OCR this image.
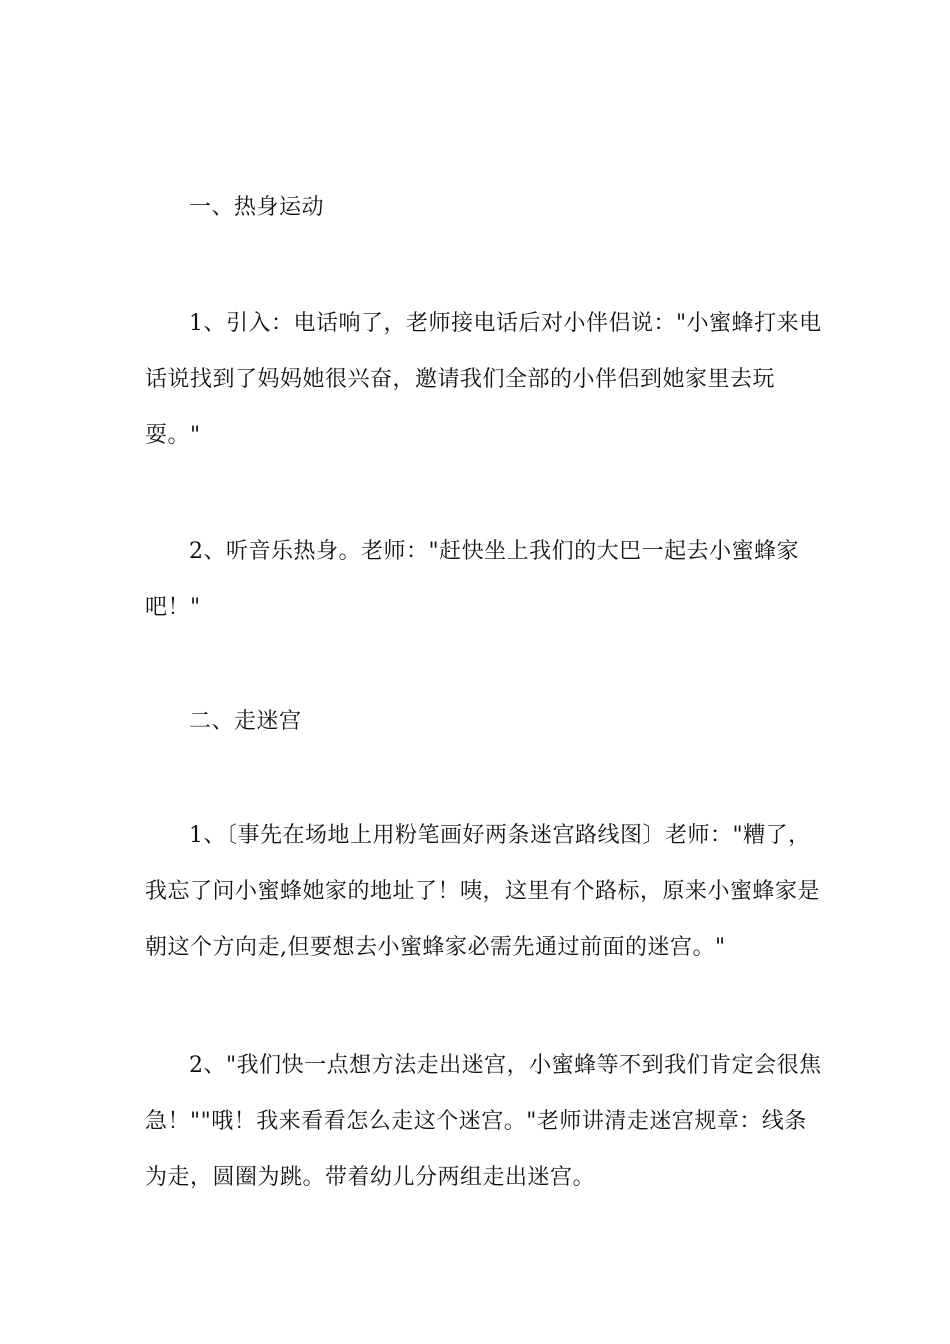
一、热身运动

1、引入：电话响了，老师接电话后对小伴侣说："小蜜蜂打来电话说找到了妈妈她很兴奋，邀请我们全部的小伴侣到她家里去玩耍。"

2、听音乐热身。老师："赶快坐上我们的大巴一起去小蜜蜂家吧！"

二、走迷宫

1、〔事先在场地上用粉笔画好两条迷宫路线图〕老师："糟了，我忘了问小蜜蜂她家的地址了！咦，这里有个路标，原来小蜜蜂家是朝这个方向走,但要想去小蜜蜂家必需先通过前面的迷宫。"

2、"我们快一点想方法走出迷宫，小蜜蜂等不到我们肯定会很焦急！""哦！我来看看怎么走这个迷宫。"老师讲清走迷宫规章：线条为走，圆圈为跳。带着幼儿分两组走出迷宫。
